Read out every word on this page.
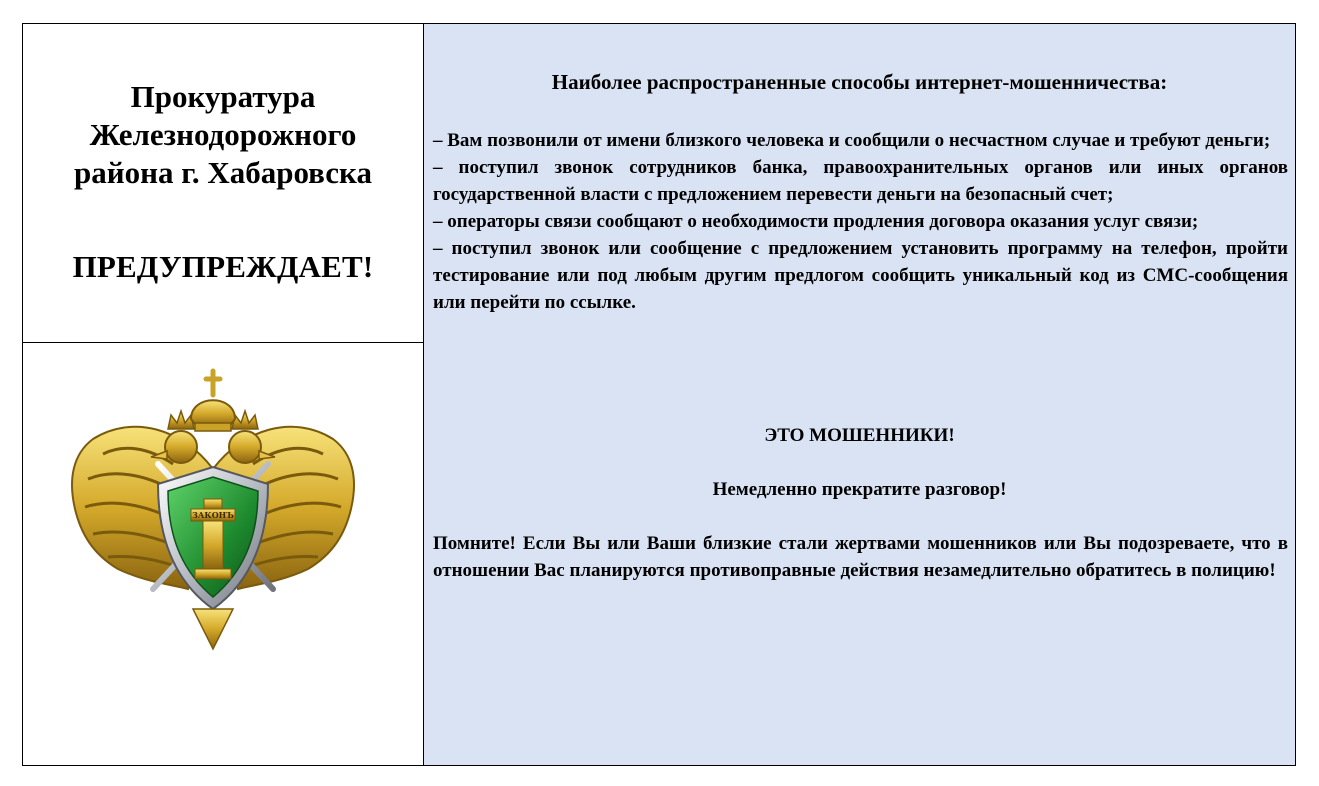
Прокуратура
Железнодорожного
района г. Хабаровска
ПРЕДУПРЕЖДАЕТ!
ЗАКОНЪ
Наиболее распространенные способы интернет-мошенничества:
– Вам позвонили от имени близкого человека и сообщили о несчастном случае и требуют деньги;
– поступил звонок сотрудников банка, правоохранительных органов или иных органов государственной власти с предложением перевести деньги на безопасный счет;
– операторы связи сообщают о необходимости продления договора оказания услуг связи;
– поступил звонок или сообщение с предложением установить программу на телефон, пройти тестирование или под любым другим предлогом сообщить уникальный код из СМС-сообщения или перейти по ссылке.
ЭТО МОШЕННИКИ!
Немедленно прекратите разговор!

Помните! Если Вы или Ваши близкие стали жертвами мошенников или Вы подозреваете, что в отношении Вас планируются противоправные действия незамедлительно обратитесь в полицию!
